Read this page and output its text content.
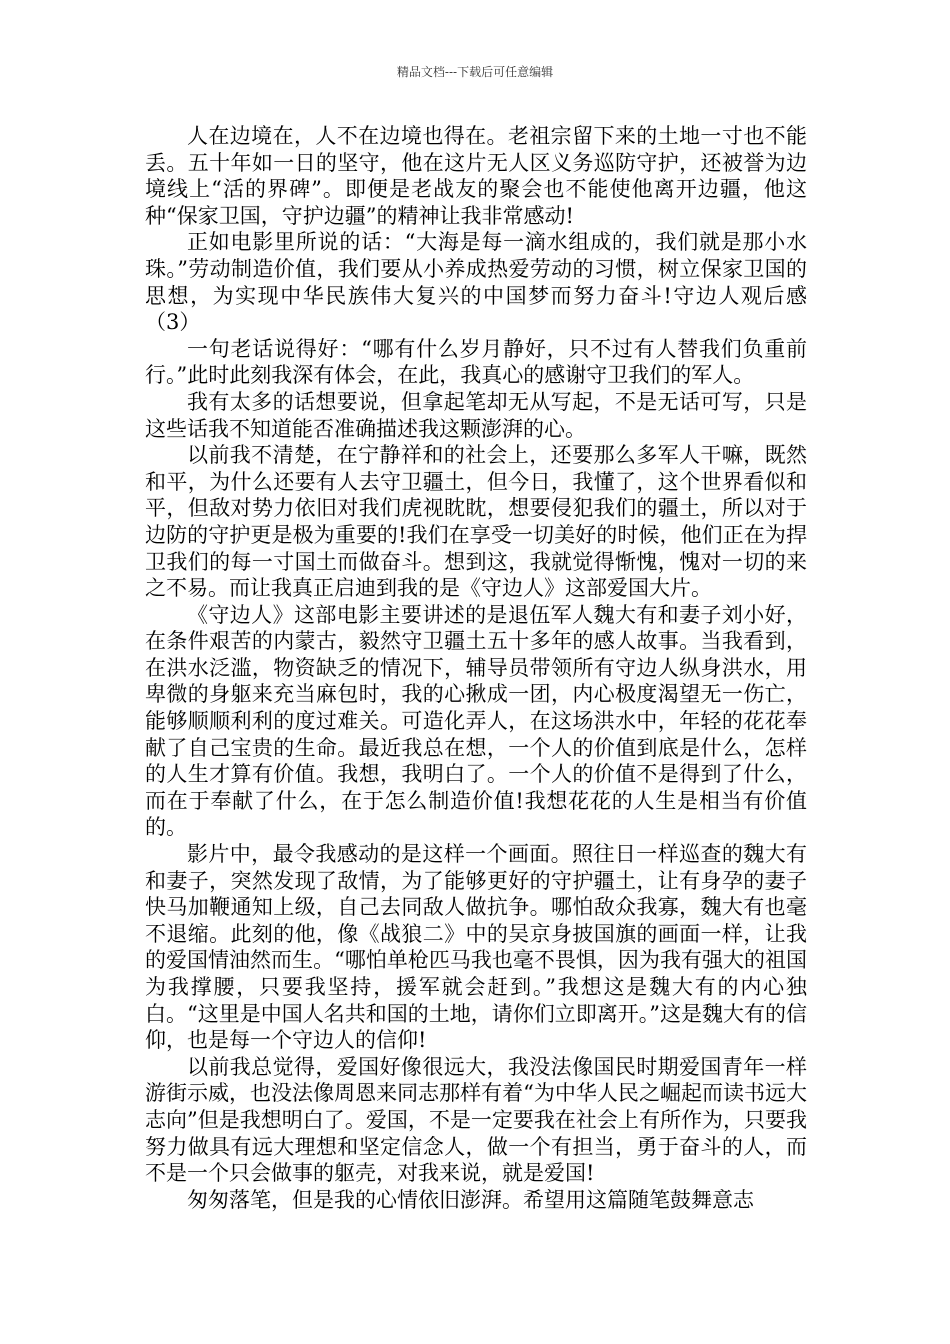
精品文档---下载后可任意编辑

人在边境在，人不在边境也得在。老祖宗留下来的土地一寸也不能丢。五十年如一日的坚守，他在这片无人区义务巡防守护，还被誉为边境线上“活的界碑”。即便是老战友的聚会也不能使他离开边疆，他这种“保家卫国，守护边疆”的精神让我非常感动!

正如电影里所说的话：“大海是每一滴水组成的，我们就是那小水珠。”劳动制造价值，我们要从小养成热爱劳动的习惯，树立保家卫国的思想，为实现中华民族伟大复兴的中国梦而努力奋斗!守边人观后感（3）

一句老话说得好：“哪有什么岁月静好，只不过有人替我们负重前行。”此时此刻我深有体会，在此，我真心的感谢守卫我们的军人。

我有太多的话想要说，但拿起笔却无从写起，不是无话可写，只是这些话我不知道能否准确描述我这颗澎湃的心。

以前我不清楚，在宁静祥和的社会上，还要那么多军人干嘛，既然和平，为什么还要有人去守卫疆土，但今日，我懂了，这个世界看似和平，但敌对势力依旧对我们虎视眈眈，想要侵犯我们的疆土，所以对于边防的守护更是极为重要的!我们在享受一切美好的时候，他们正在为捍卫我们的每一寸国土而做奋斗。想到这，我就觉得惭愧，愧对一切的来之不易。而让我真正启迪到我的是《守边人》这部爱国大片。

《守边人》这部电影主要讲述的是退伍军人魏大有和妻子刘小好，在条件艰苦的内蒙古，毅然守卫疆土五十多年的感人故事。当我看到，在洪水泛滥，物资缺乏的情况下，辅导员带领所有守边人纵身洪水，用卑微的身躯来充当麻包时，我的心揪成一团，内心极度渴望无一伤亡，能够顺顺利利的度过难关。可造化弄人，在这场洪水中，年轻的花花奉献了自己宝贵的生命。最近我总在想，一个人的价值到底是什么，怎样的人生才算有价值。我想，我明白了。一个人的价值不是得到了什么，而在于奉献了什么，在于怎么制造价值!我想花花的人生是相当有价值的。

影片中，最令我感动的是这样一个画面。照往日一样巡查的魏大有和妻子，突然发现了敌情，为了能够更好的守护疆土，让有身孕的妻子快马加鞭通知上级，自己去同敌人做抗争。哪怕敌众我寡，魏大有也毫不退缩。此刻的他，像《战狼二》中的吴京身披国旗的画面一样，让我的爱国情油然而生。“哪怕单枪匹马我也毫不畏惧，因为我有强大的祖国为我撑腰，只要我坚持，援军就会赶到。”我想这是魏大有的内心独白。“这里是中国人名共和国的土地，请你们立即离开。”这是魏大有的信仰，也是每一个守边人的信仰!

以前我总觉得，爱国好像很远大，我没法像国民时期爱国青年一样游街示威，也没法像周恩来同志那样有着“为中华人民之崛起而读书远大志向”但是我想明白了。爱国，不是一定要我在社会上有所作为，只要我努力做具有远大理想和坚定信念人，做一个有担当，勇于奋斗的人，而不是一个只会做事的躯壳，对我来说，就是爱国!

匆匆落笔，但是我的心情依旧澎湃。希望用这篇随笔鼓舞意志
